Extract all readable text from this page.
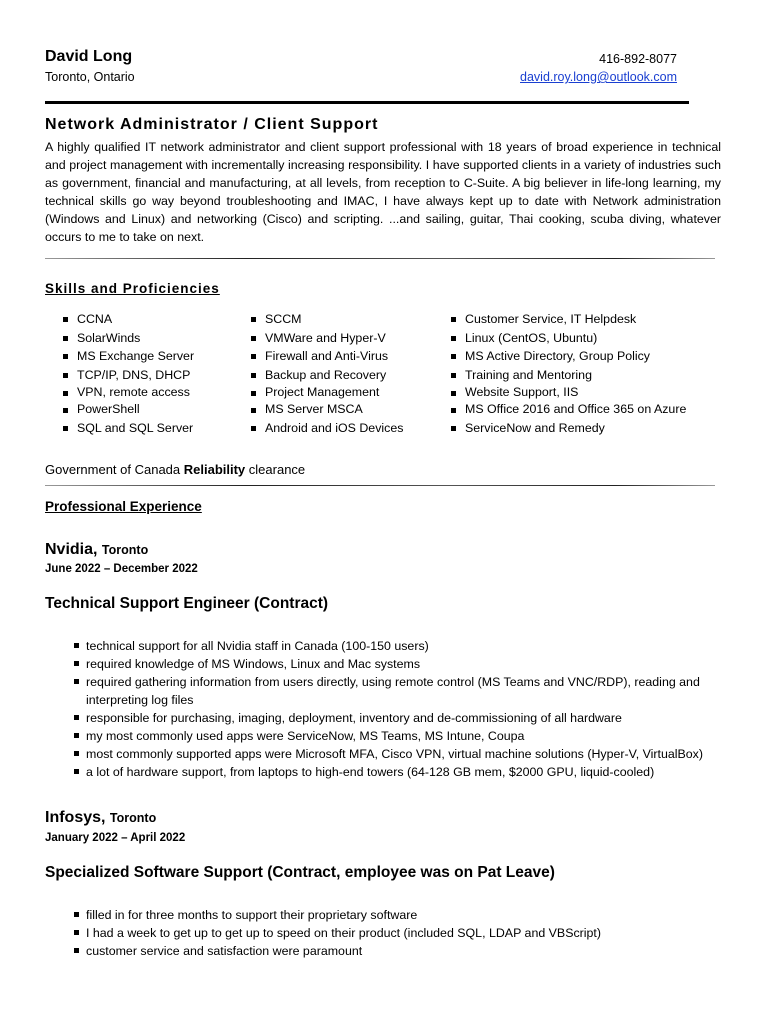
David Long
Toronto, Ontario
416-892-8077
david.roy.long@outlook.com
Network Administrator / Client Support
A highly qualified IT network administrator and client support professional with 18 years of broad experience in technical and project management with incrementally increasing responsibility. I have supported clients in a variety of industries such as government, financial and manufacturing, at all levels, from reception to C-Suite. A big believer in life-long learning, my technical skills go way beyond troubleshooting and IMAC, I have always kept up to date with Network administration (Windows and Linux) and networking (Cisco) and scripting. ...and sailing, guitar, Thai cooking, scuba diving, whatever occurs to me to take on next.
Skills and Proficiencies
CCNA
SolarWinds
MS Exchange Server
TCP/IP, DNS, DHCP
VPN, remote access
PowerShell
SQL and SQL Server
SCCM
VMWare and Hyper-V
Firewall and Anti-Virus
Backup and Recovery
Project Management
MS Server MSCA
Android and iOS Devices
Customer Service, IT Helpdesk
Linux (CentOS, Ubuntu)
MS Active Directory, Group Policy
Training and Mentoring
Website Support, IIS
MS Office 2016 and Office 365 on Azure
ServiceNow and Remedy
Government of Canada Reliability clearance
Professional Experience
Nvidia, Toronto
June 2022 – December 2022
Technical Support Engineer (Contract)
technical support for all Nvidia staff in Canada (100-150 users)
required knowledge of MS Windows, Linux and Mac systems
required gathering information from users directly, using remote control (MS Teams and VNC/RDP), reading and interpreting log files
responsible for purchasing, imaging, deployment, inventory and de-commissioning of all hardware
my most commonly used apps were ServiceNow, MS Teams, MS Intune, Coupa
most commonly supported apps were Microsoft MFA, Cisco VPN, virtual machine solutions (Hyper-V, VirtualBox)
a lot of hardware support, from laptops to high-end towers (64-128 GB mem, $2000 GPU, liquid-cooled)
Infosys, Toronto
January 2022 – April 2022
Specialized Software Support (Contract, employee was on Pat Leave)
filled in for three months to support their proprietary software
I had a week to get up to get up to speed on their product (included SQL, LDAP and VBScript)
customer service and satisfaction were paramount
